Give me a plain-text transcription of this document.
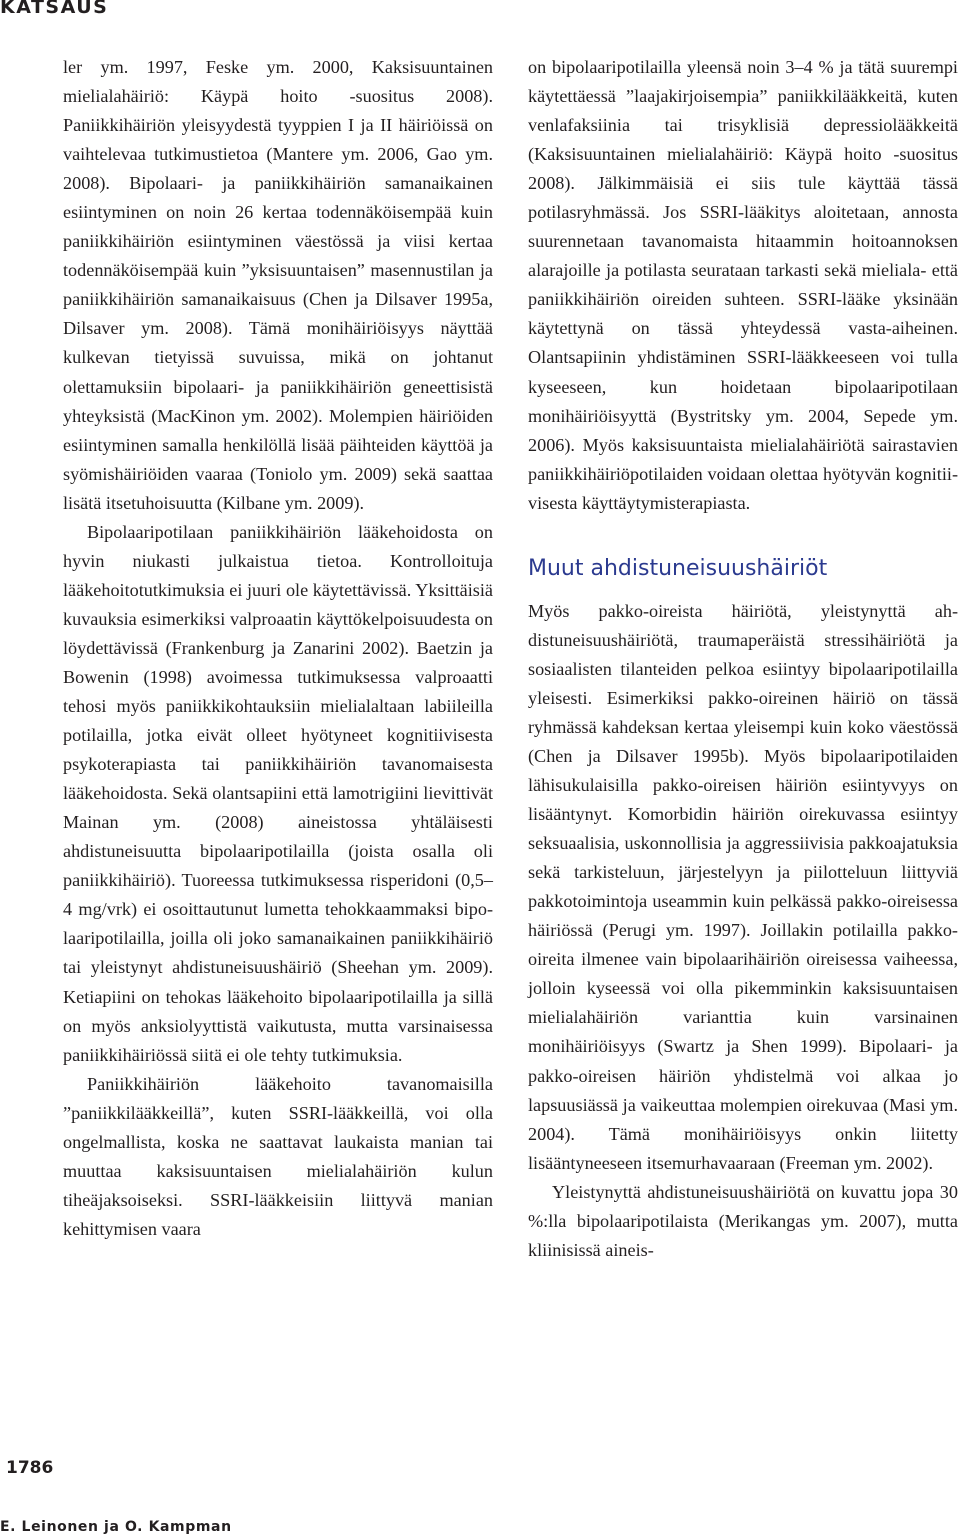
KATSAUS

ler ym. 1997, Feske ym. 2000, Kaksisuuntainen mielialahäiriö: Käypä hoito -suositus 2008). Paniikkihäiriön yleisyydestä tyyppien I ja II häiriöissä on vaihtelevaa tutkimustietoa (Mantere ym. 2006, Gao ym. 2008). Bipolaari- ja paniikkihäiriön samanaikainen esiintyminen on noin 26 kertaa todennäköisempää kuin paniikkihäiriön esiintyminen väestössä ja viisi kertaa todennäköisempää kuin ”yksisuuntaisen” masennustilan ja paniikkihäiriön samanaikaisuus (Chen ja Dilsaver 1995a, Dilsaver ym. 2008). Tämä monihäiriöisyys näyttää kulkevan tietyissä suvuissa, mikä on johtanut olettamuksiin bipolaari- ja paniikkihäiriön geneettisistä yhteyksistä (MacKinon ym. 2002). Molempien häiriöiden esiintyminen samalla henkilöllä lisää päihteiden käyttöä ja syömishäiriöiden vaaraa (Toniolo ym. 2009) sekä saattaa lisätä itsetuhoisuutta (Kilbane ym. 2009).

Bipolaaripotilaan paniikkihäiriön lääkehoidosta on hyvin niukasti julkaistua tietoa. Kontrolloituja lääkehoitotutkimuksia ei juuri ole käytettävissä. Yksittäisiä kuvauksia esimerkiksi valproaatin käyttökelpoisuudesta on löydettävissä (Frankenburg ja Zanarini 2002). Baetzin ja Bowenin (1998) avoimessa tutkimuksessa valproaatti tehosi myös paniikkikohtauksiin mielialaltaan labiileilla potilailla, jotka eivät olleet hyötyneet kognitiivisesta psykoterapiasta tai paniikkihäiriön tavanomaisesta lääkehoidosta. Sekä olantsapiini että lamotrigiini lievittivät Mainan ym. (2008) aineistossa yhtäläisesti ahdistuneisuutta bipolaaripotilailla (joista osalla oli paniikkihäiriö). Tuoreessa tutkimuksessa risperidoni (0,5–4 mg/vrk) ei osoittautunut lumetta tehokkaammaksi bipolaaripotilailla, joilla oli joko samanaikainen paniikkihäiriö tai yleistynyt ahdistuneisuushäiriö (Sheehan ym. 2009). Ketiapiini on tehokas lääkehoito bipolaaripotilailla ja sillä on myös anksiolyyttistä vaikutusta, mutta varsinaisessa paniikkihäiriössä siitä ei ole tehty tutkimuksia.

Paniikkihäiriön lääkehoito tavanomaisilla ”paniikkilääkkeillä”, kuten SSRI-lääkkeillä, voi olla ongelmallista, koska ne saattavat laukaista manian tai muuttaa kaksisuuntaisen mielialahäiriön kulun tiheäjaksoiseksi. SSRI-lääkkeisiin liittyvä manian kehittymisen vaara

on bipolaaripotilailla yleensä noin 3–4 % ja tätä suurempi käytettäessä ”laajakirjoisempia” paniikkilääkkeitä, kuten venlafaksiinia tai trisyklisiä depressiolääkkeitä (Kaksisuuntainen mielialahäiriö: Käypä hoito -suositus 2008). Jälkimmäisiä ei siis tule käyttää tässä potilasryhmässä. Jos SSRI-lääkitys aloitetaan, annosta suurennetaan tavanomaista hitaammin hoitoannoksen alarajoille ja potilasta seurataan tarkasti sekä mieliala- että paniikkihäiriön oireiden suhteen. SSRI-lääke yksinään käytettynä on tässä yhteydessä vasta-aiheinen. Olantsapiinin yhdistäminen SSRI-lääkkeeseen voi tulla kyseeseen, kun hoidetaan bipolaaripotilaan monihäiriöisyyttä (Bystritsky ym. 2004, Sepede ym. 2006). Myös kaksisuuntaista mielialahäiriötä sairastavien paniikkihäiriöpotilaiden voidaan olettaa hyötyvän kognitiivisesta käyttäytymisterapiasta.

Muut ahdistuneisuushäiriöt

Myös pakko-oireista häiriötä, yleistynyttä ahdistuneisuushäiriötä, traumaperäistä stressihäiriötä ja sosiaalisten tilanteiden pelkoa esiintyy bipolaaripotilailla yleisesti. Esimerkiksi pakko-oireinen häiriö on tässä ryhmässä kahdeksan kertaa yleisempi kuin koko väestössä (Chen ja Dilsaver 1995b). Myös bipolaaripotilaiden lähisukulaisilla pakko-oireisen häiriön esiintyvyys on lisääntynyt. Komorbidin häiriön oirekuvassa esiintyy seksuaalisia, uskonnollisia ja aggressiivisia pakkoajatuksia sekä tarkisteluun, järjestelyyn ja piilotteluun liittyviä pakkotoimintoja useammin kuin pelkässä pakko-oireisessa häiriössä (Perugi ym. 1997). Joillakin potilailla pakko-oireita ilmenee vain bipolaarihäiriön oireisessa vaiheessa, jolloin kyseessä voi olla pikemminkin kaksisuuntaisen mielialahäiriön varianttia kuin varsinainen monihäiriöisyys (Swartz ja Shen 1999). Bipolaari- ja pakko-oireisen häiriön yhdistelmä voi alkaa jo lapsuusiässä ja vaikeuttaa molempien oirekuvaa (Masi ym. 2004). Tämä monihäiriöisyys onkin liitetty lisääntyneeseen itsemurhavaaraan (Freeman ym. 2002).

Yleistynyttä ahdistuneisuushäiriötä on kuvattu jopa 30 %:lla bipolaaripotilaista (Merikangas ym. 2007), mutta kliinisissä aineis-

1786
E. Leinonen ja O. Kampman
